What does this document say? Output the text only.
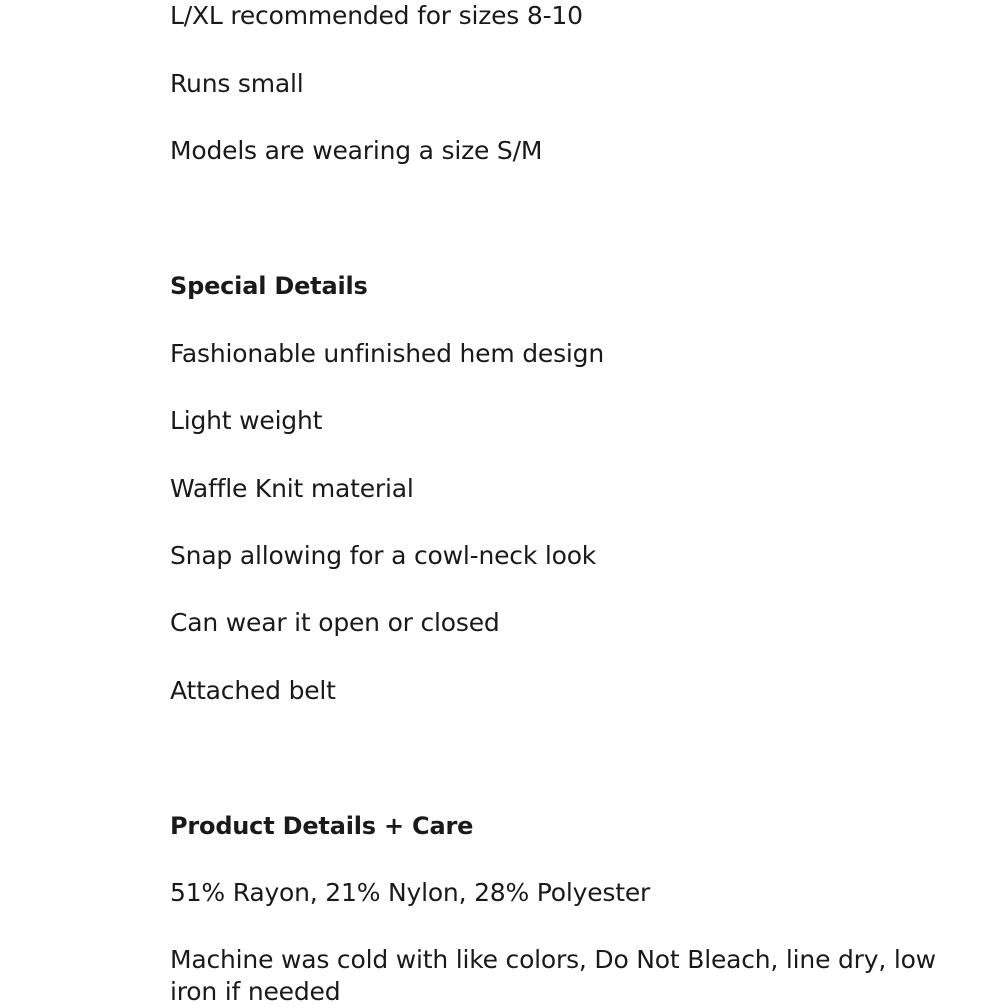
L/XL recommended for sizes 8-10
Runs small
Models are wearing a size S/M
Special Details
Fashionable unfinished hem design
Light weight
Waffle Knit material
Snap allowing for a cowl-neck look
Can wear it open or closed
Attached belt
Product Details + Care
51% Rayon, 21% Nylon, 28% Polyester
Machine was cold with like colors, Do Not Bleach, line dry, low iron if needed
